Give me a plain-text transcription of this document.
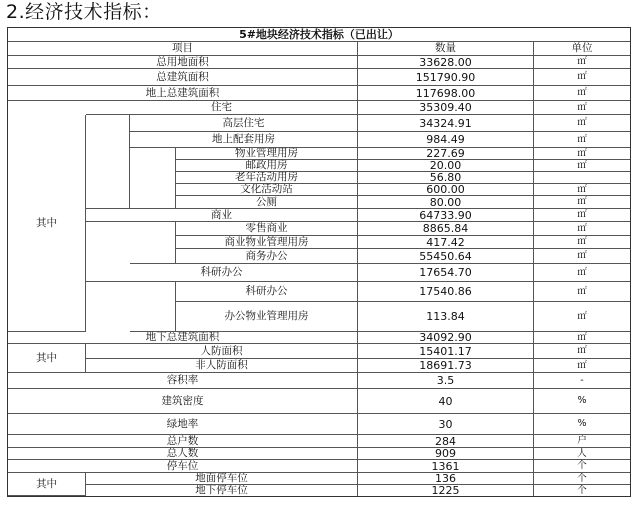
2.经济技术指标：
5#地块经济技术指标（已出让）
项目	数量	单位
其中
其中
其中
总用地面积	33628.00	㎡
总建筑面积	151790.90	㎡
地上总建筑面积	117698.00	㎡
住宅	35309.40	㎡
高层住宅	34324.91	㎡
地上配套用房	984.49	㎡
物业管理用房	227.69	㎡
邮政用房	20.00	㎡
老年活动用房	56.80
文化活动站	600.00	㎡
公厕	80.00	㎡
商业	64733.90	㎡
零售商业	8865.84	㎡
商业物业管理用房	417.42	㎡
商务办公	55450.64	㎡
科研办公	17654.70	㎡
科研办公	17540.86	㎡
办公物业管理用房	113.84	㎡
地下总建筑面积	34092.90	㎡
人防面积	15401.17	㎡
非人防面积	18691.73	㎡
容积率	3.5	-
建筑密度	40	%
绿地率	30	%
总户数	284	户
总人数	909	人
停车位	1361	个
地面停车位	136	个
地下停车位	1225	个
